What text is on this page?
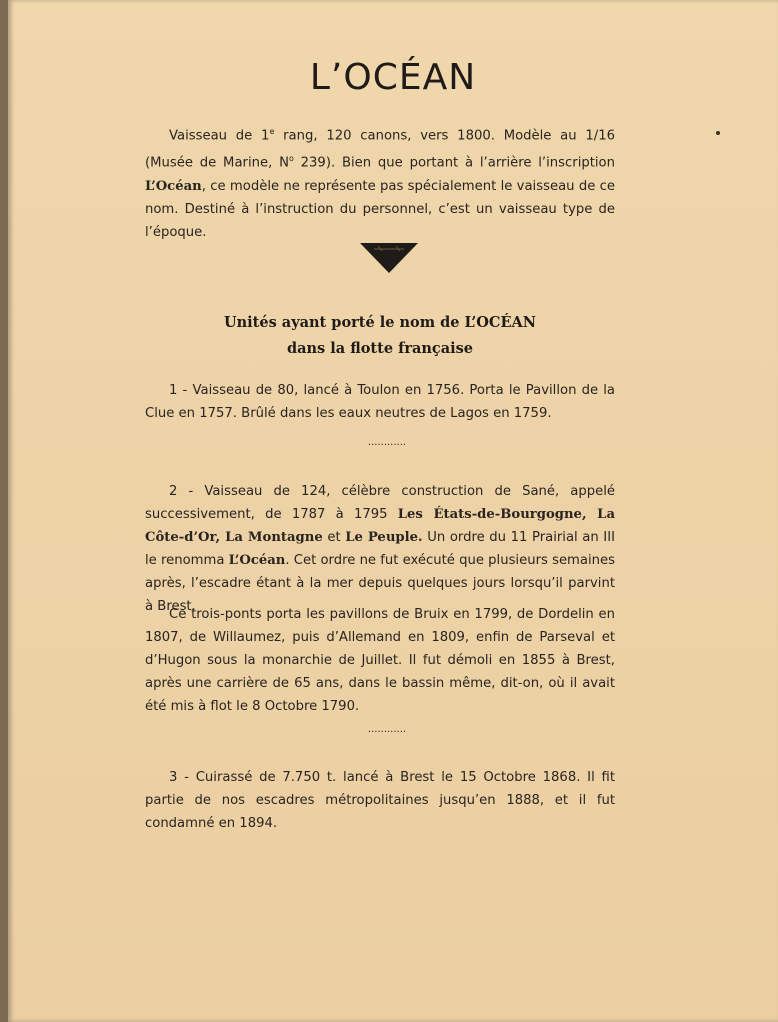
L’OCÉAN

Vaisseau de 1e rang, 120 canons, vers 1800. Modèle au 1/16 (Musée de Marine, $N^o$ 239). Bien que portant à l’arrière l’inscription L’Océan, ce modèle ne représente pas spécialement le vaisseau de ce nom. Destiné à l’instruction du personnel, c’est un vaisseau type de l’époque.

Unités ayant porté le nom de L’OCÉAN
dans la flotte française

1 - Vaisseau de 80, lancé à Toulon en 1756. Porta le Pavillon de la Clue en 1757. Brûlé dans les eaux neutres de Lagos en 1759.

............

2 - Vaisseau de 124, célèbre construction de Sané, appelé successivement, de 1787 à 1795 Les États-de-Bourgogne, La Côte-d’Or, La Montagne et Le Peuple. Un ordre du 11 Prairial an III le renomma L’Océan. Cet ordre ne fut exécuté que plusieurs semaines après, l’escadre étant à la mer depuis quelques jours lorsqu’il parvint à Brest.

Ce trois-ponts porta les pavillons de Bruix en 1799, de Dordelin en 1807, de Willaumez, puis d’Allemand en 1809, enfin de Parseval et d’Hugon sous la monarchie de Juillet. Il fut démoli en 1855 à Brest, après une carrière de 65 ans, dans le bassin même, dit-on, où il avait été mis à flot le 8 Octobre 1790.

............

3 - Cuirassé de 7.750 t. lancé à Brest le 15 Octobre 1868. Il fit partie de nos escadres métropolitaines jusqu’en 1888, et il fut condamné en 1894.
